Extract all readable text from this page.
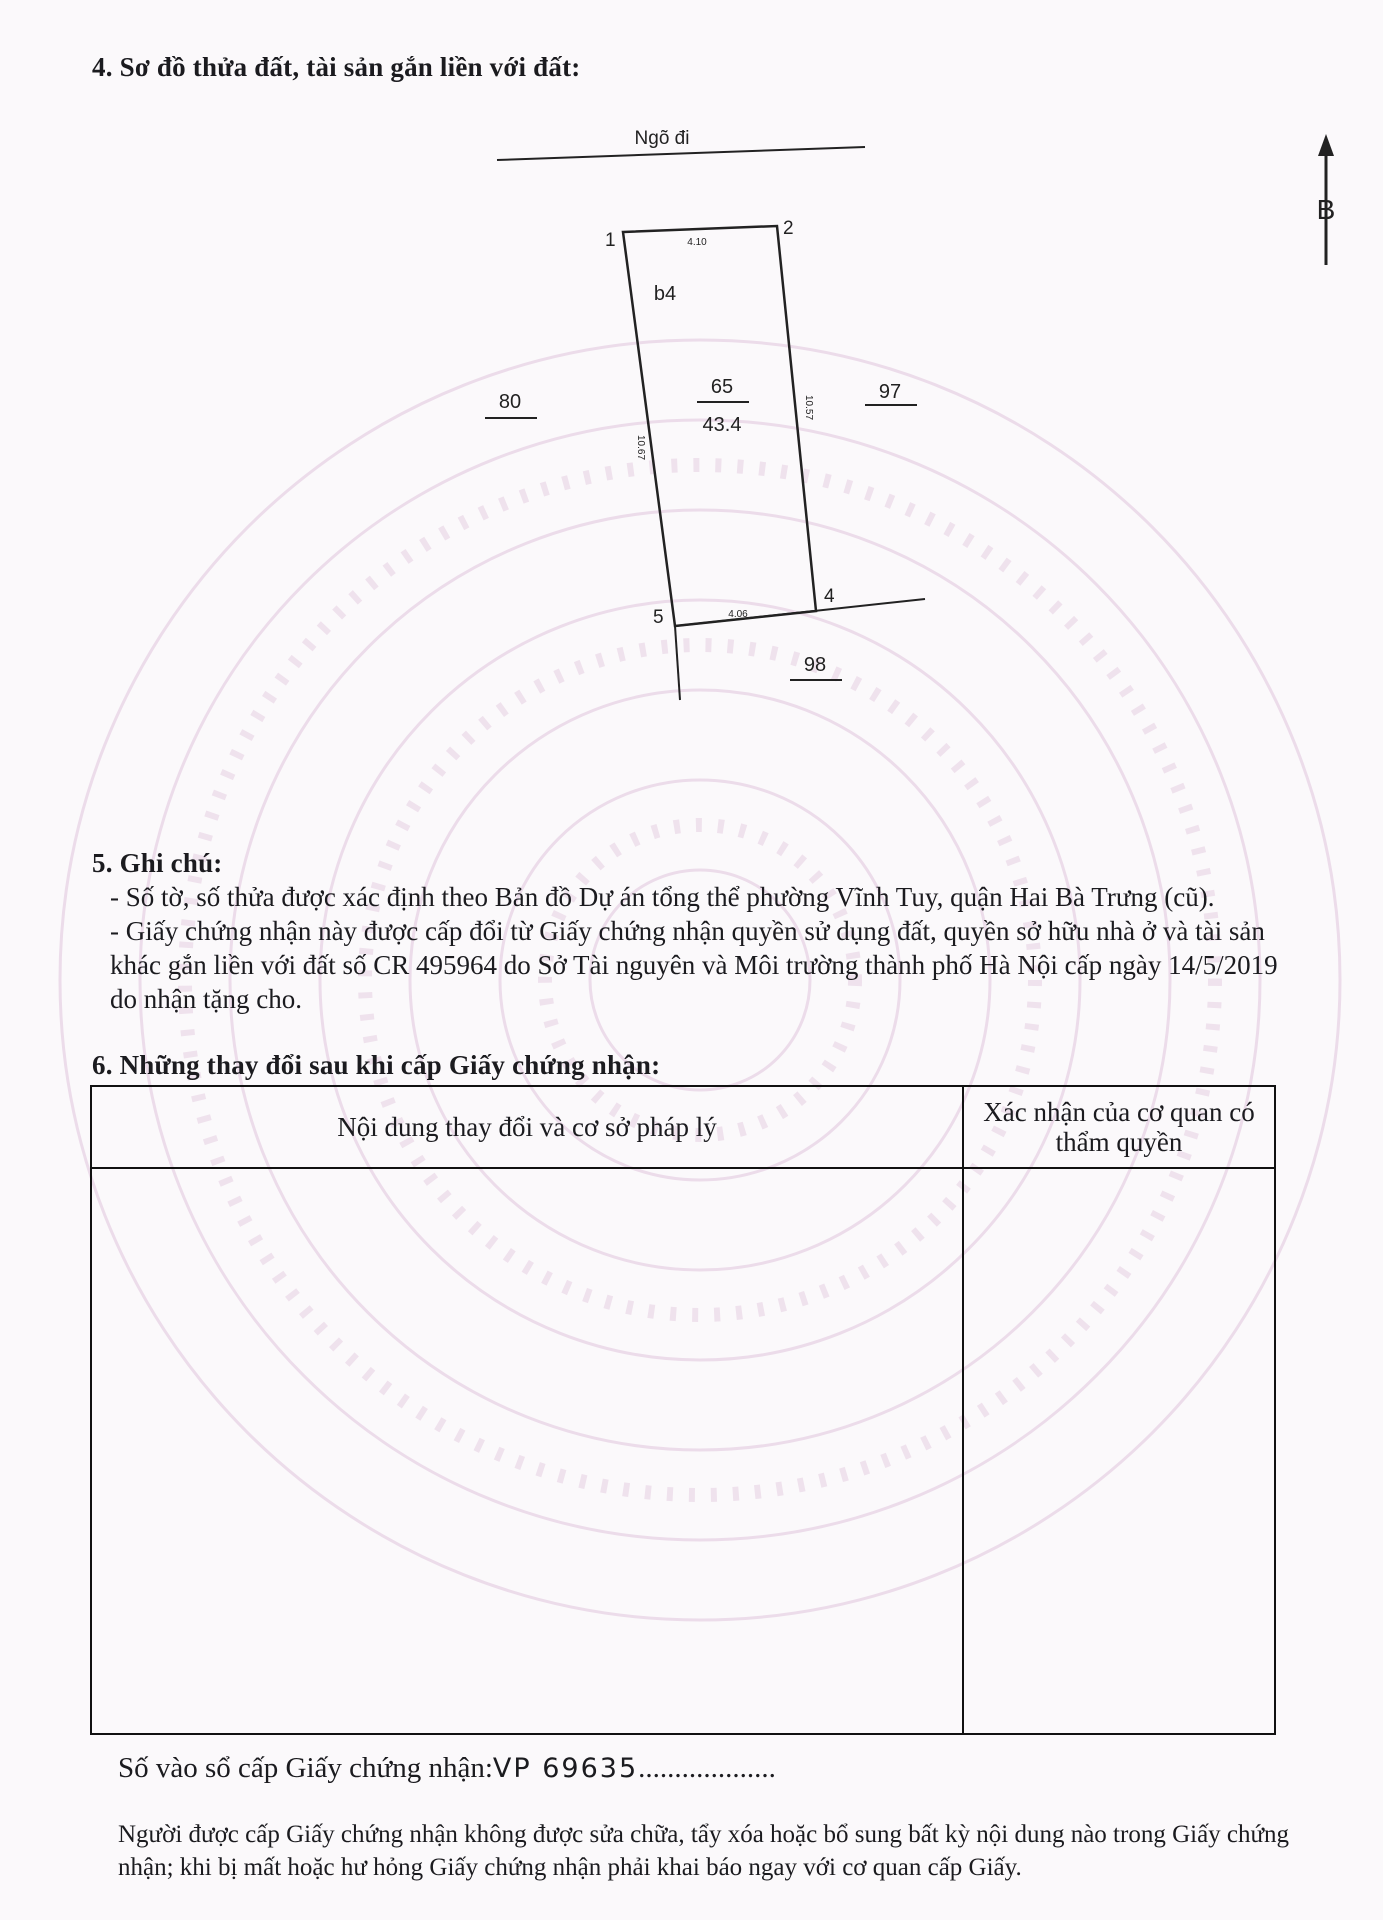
4. Sơ đồ thửa đất, tài sản gắn liền với đất:
Ngõ đi
B
1
2
4
5
4.10
4.06
10.67
10.57
b4
65
43.4
80	97
98
5. Ghi chú:

- Số tờ, số thửa được xác định theo Bản đồ Dự án tổng thể phường Vĩnh Tuy, quận Hai Bà Trưng (cũ).

- Giấy chứng nhận này được cấp đổi từ Giấy chứng nhận quyền sử dụng đất, quyền sở hữu nhà ở và tài sản khác gắn liền với đất số CR 495964 do Sở Tài nguyên và Môi trường thành phố Hà Nội cấp ngày 14/5/2019 do nhận tặng cho.

6. Những thay đổi sau khi cấp Giấy chứng nhận:
Nội dung thay đổi và cơ sở pháp lý	Xác nhận của cơ quan có thẩm quyền

Số vào sổ cấp Giấy chứng nhận:VP 69635...................
Người được cấp Giấy chứng nhận không được sửa chữa, tẩy xóa hoặc bổ sung bất kỳ nội dung nào trong Giấy chứng nhận; khi bị mất hoặc hư hỏng Giấy chứng nhận phải khai báo ngay với cơ quan cấp Giấy.
